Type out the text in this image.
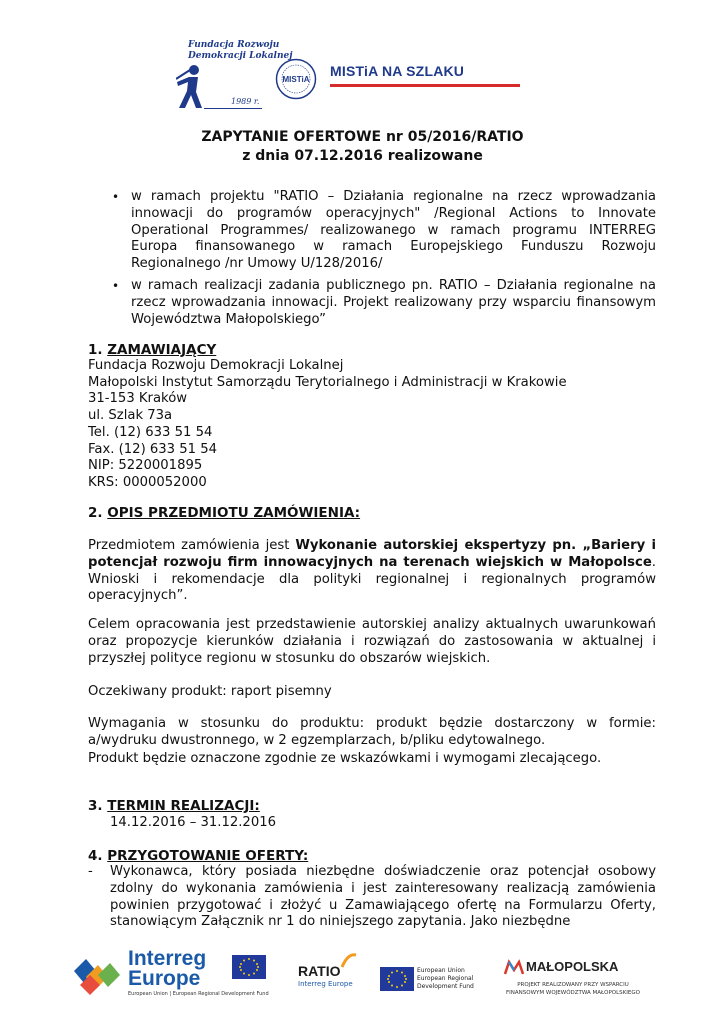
Fundacja Rozwoju
Demokracji Lokalnej
1989 r.
MISTiA
MISTiA NA SZLAKU
ZAPYTANIE OFERTOWE nr 05/2016/RATIO
z dnia 07.12.2016 realizowane
• w ramach projektu "RATIO – Działania regionalne na rzecz wprowadzania innowacji do programów operacyjnych" /Regional Actions to Innovate Operational Programmes/ realizowanego w ramach programu INTERREG Europa finansowanego w ramach Europejskiego Funduszu Rozwoju Regionalnego /nr Umowy U/128/2016/
• w ramach realizacji zadania publicznego pn. RATIO – Działania regionalne na rzecz wprowadzania innowacji. Projekt realizowany przy wsparciu finansowym Województwa Małopolskiego”
1. ZAMAWIAJĄCY
Fundacja Rozwoju Demokracji Lokalnej
Małopolski Instytut Samorządu Terytorialnego i Administracji w Krakowie
31-153 Kraków
ul. Szlak 73a
Tel. (12) 633 51 54
Fax. (12) 633 51 54
NIP: 5220001895
KRS: 0000052000
2. OPIS PRZEDMIOTU ZAMÓWIENIA:
Przedmiotem zamówienia jest Wykonanie autorskiej ekspertyzy pn. „Bariery i potencjał rozwoju firm innowacyjnych na terenach wiejskich w Małopolsce. Wnioski i rekomendacje dla polityki regionalnej i regionalnych programów operacyjnych”.
Celem opracowania jest przedstawienie autorskiej analizy aktualnych uwarunkowań oraz propozycje kierunków działania i rozwiązań do zastosowania w aktualnej i przyszłej polityce regionu w stosunku do obszarów wiejskich.
Oczekiwany produkt: raport pisemny
Wymagania w stosunku do produktu: produkt będzie dostarczony w formie: a/wydruku dwustronnego, w 2 egzemplarzach, b/pliku edytowalnego.
Produkt będzie oznaczone zgodnie ze wskazówkami i wymogami zlecającego.
3. TERMIN REALIZACJI:
14.12.2016 – 31.12.2016
4. PRZYGOTOWANIE OFERTY:
- Wykonawca, który posiada niezbędne doświadczenie oraz potencjał osobowy zdolny do wykonania zamówienia i jest zainteresowany realizacją zamówienia powinien przygotować i złożyć u Zamawiającego ofertę na Formularzu Oferty, stanowiącym Załącznik nr 1 do niniejszego zapytania. Jako niezbędne
Interreg
Europe
European Union | European Regional Development Fund
RATIO
Interreg Europe
European Union
European Regional
Development Fund
MAŁOPOLSKA
PROJEKT REALIZOWANY PRZY WSPARCIU
FINANSOWYM WOJEWÓDZTWA MAŁOPOLSKIEGO
